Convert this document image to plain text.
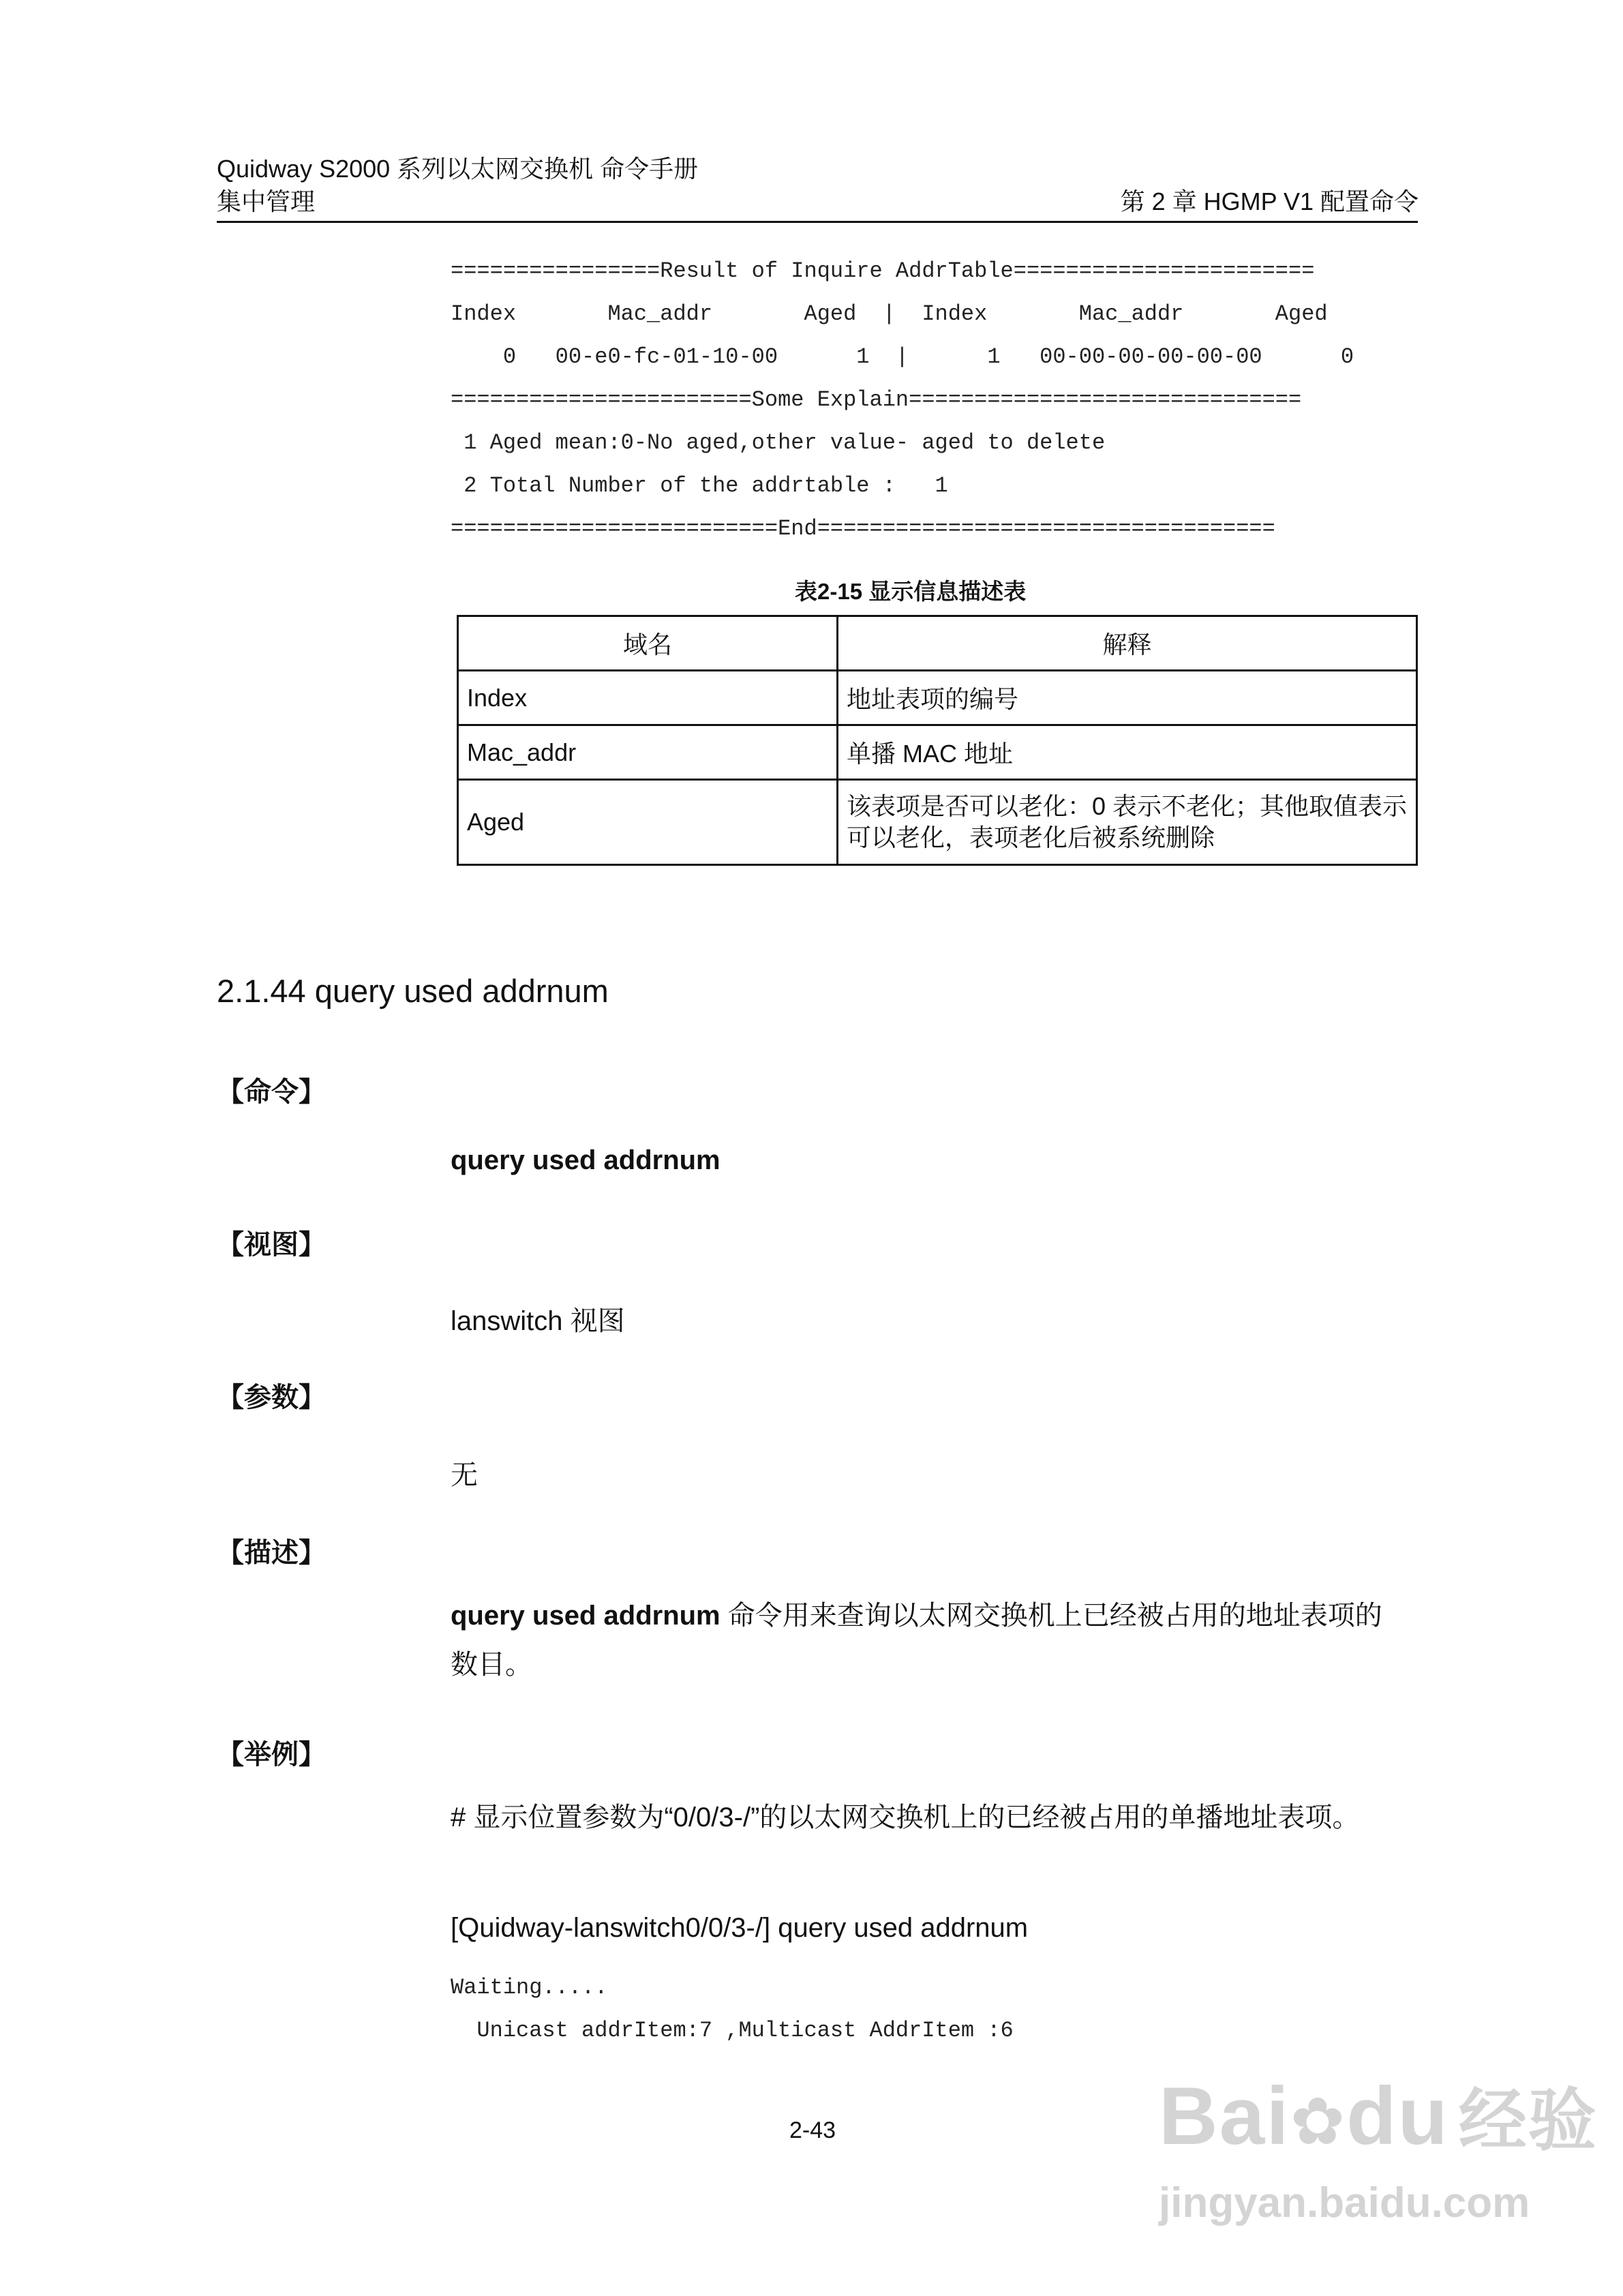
Quidway S2000 系列以太网交换机 命令手册
集中管理	第 2 章 HGMP V1 配置命令
================Result of Inquire AddrTable=======================
Index       Mac_addr       Aged  |  Index       Mac_addr       Aged
0   00-e0-fc-01-10-00      1  |      1   00-00-00-00-00-00      0
=======================Some Explain==============================
1 Aged mean:0-No aged,other value- aged to delete
2 Total Number of the addrtable :   1
=========================End===================================
表2-15 显示信息描述表
域名	解释
Index	地址表项的编号
Mac_addr	单播 MAC 地址
Aged	该表项是否可以老化：0 表示不老化；其他取值表示可以老化，表项老化后被系统删除
2.1.44 query used addrnum
【命令】
query used addrnum
【视图】
lanswitch 视图
【参数】
无
【描述】
query used addrnum 命令用来查询以太网交换机上已经被占用的地址表项的数目。
【举例】
# 显示位置参数为“0/0/3-/”的以太网交换机上的已经被占用的单播地址表项。
[Quidway-lanswitch0/0/3-/] query used addrnum
Waiting.....
Unicast addrItem:7 ,Multicast AddrItem :6
2-43	Bai✿du 经验
jingyan.baidu.com
